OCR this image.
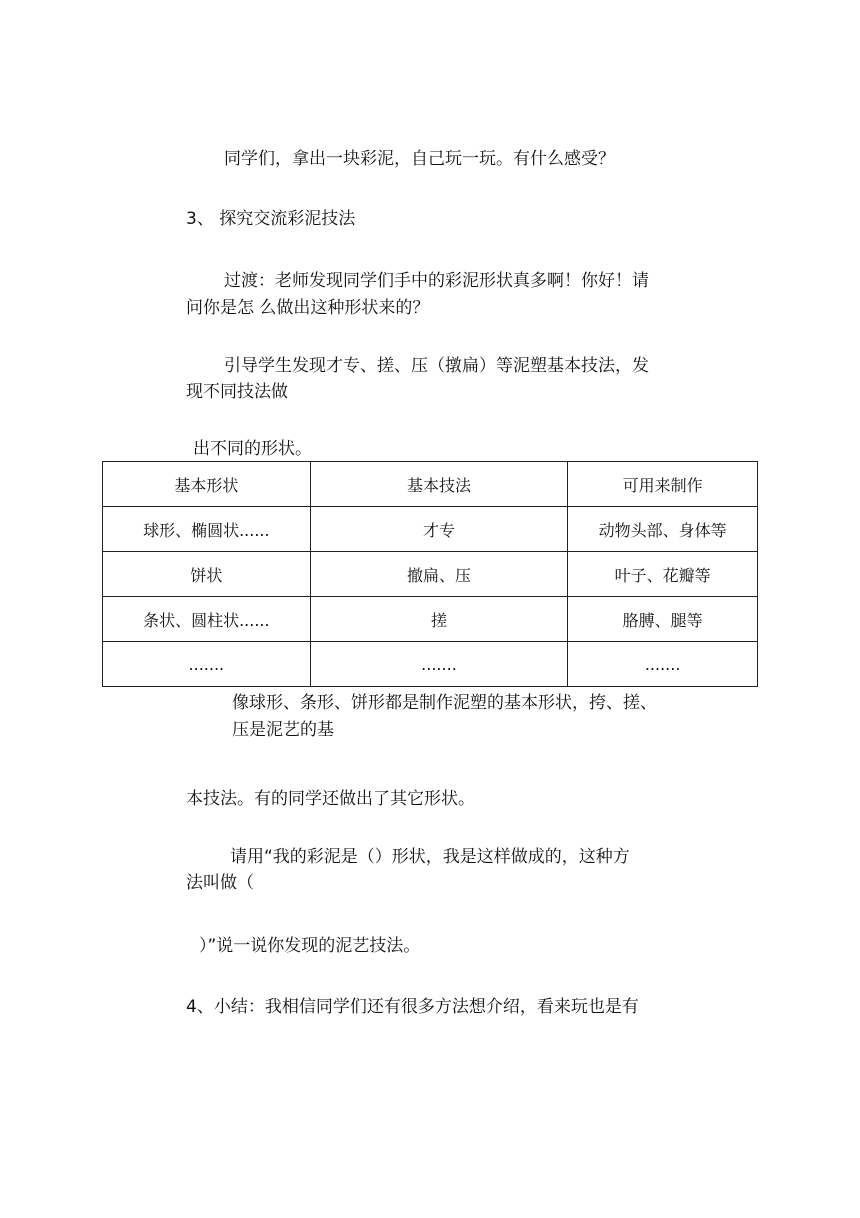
同学们，拿出一块彩泥，自己玩一玩。有什么感受？

3、 探究交流彩泥技法

过渡：老师发现同学们手中的彩泥形状真多啊！你好！请

问你是怎 么做出这种形状来的？

引导学生发现才专、搓、压（撴扁）等泥塑基本技法，发

现不同技法做

出不同的形状。

基本形状	基本技法	可用来制作
球形、椭圆状......	才专	动物头部、身体等
饼状	撤扁、压	叶子、花瓣等
条状、圆柱状......	搓	胳膊、腿等
.......	.......	.......

像球形、条形、饼形都是制作泥塑的基本形状，挎、搓、

压是泥艺的基

本技法。有的同学还做出了其它形状。

请用“我的彩泥是（）形状，我是这样做成的，这种方

法叫做（

）”说一说你发现的泥艺技法。

4、小结：我相信同学们还有很多方法想介绍，看来玩也是有
